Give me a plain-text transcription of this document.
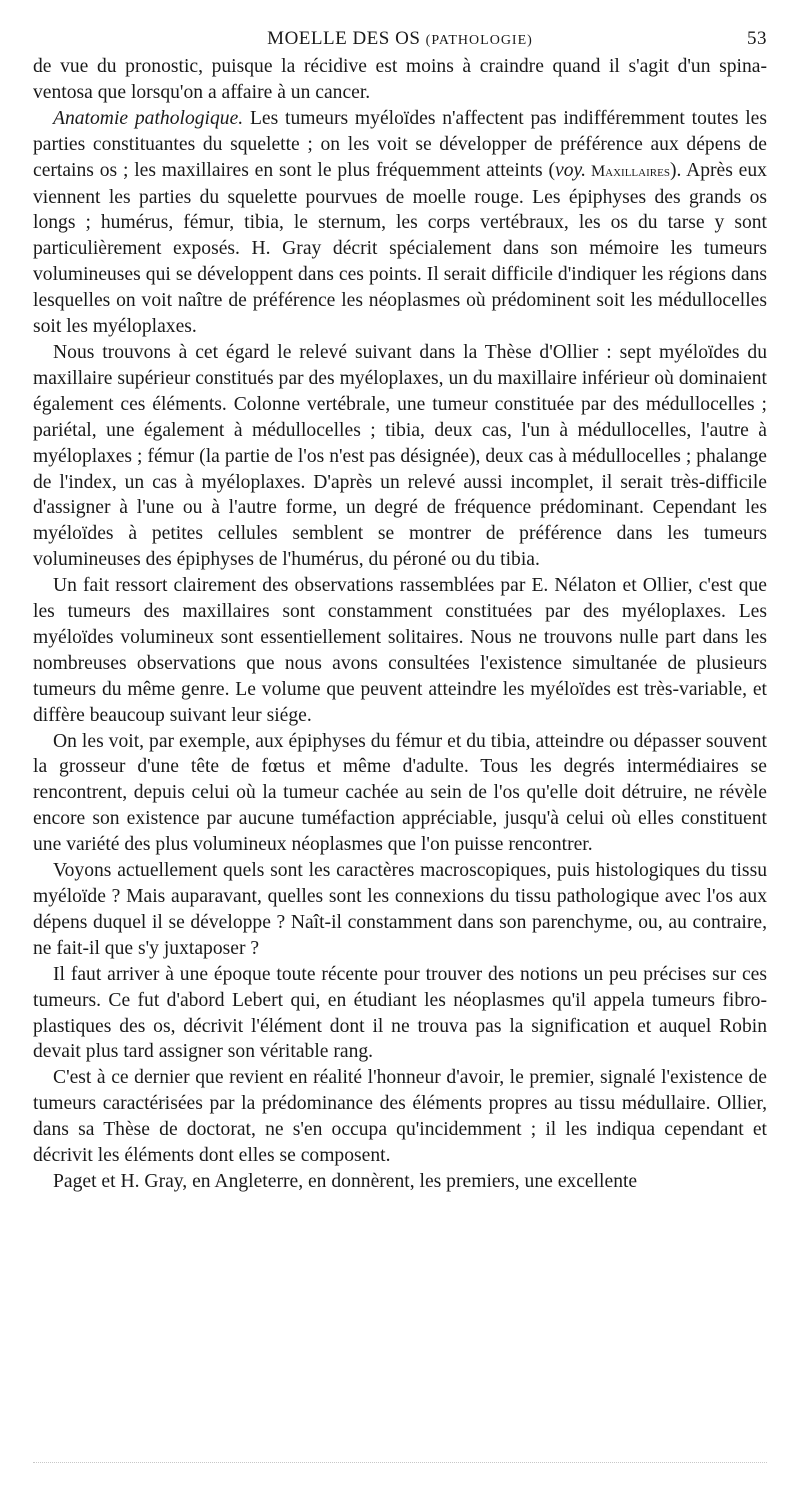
MOELLE DES OS (PATHOLOGIE)	53

de vue du pronostic, puisque la récidive est moins à craindre quand il s'agit d'un spina-ventosa que lorsqu'on a affaire à un cancer.

Anatomie pathologique. Les tumeurs myéloïdes n'affectent pas indifféremment toutes les parties constituantes du squelette ; on les voit se développer de préférence aux dépens de certains os ; les maxillaires en sont le plus fréquemment atteints (voy. Maxillaires). Après eux viennent les parties du squelette pourvues de moelle rouge. Les épiphyses des grands os longs ; humérus, fémur, tibia, le sternum, les corps vertébraux, les os du tarse y sont particulièrement exposés. H. Gray décrit spécialement dans son mémoire les tumeurs volumineuses qui se développent dans ces points. Il serait difficile d'indiquer les régions dans lesquelles on voit naître de préférence les néoplasmes où prédominent soit les médullocelles soit les myéloplaxes.

Nous trouvons à cet égard le relevé suivant dans la Thèse d'Ollier : sept myéloïdes du maxillaire supérieur constitués par des myéloplaxes, un du maxillaire inférieur où dominaient également ces éléments. Colonne vertébrale, une tumeur constituée par des médullocelles ; pariétal, une également à médullocelles ; tibia, deux cas, l'un à médullocelles, l'autre à myéloplaxes ; fémur (la partie de l'os n'est pas désignée), deux cas à médullocelles ; phalange de l'index, un cas à myéloplaxes. D'après un relevé aussi incomplet, il serait très-difficile d'assigner à l'une ou à l'autre forme, un degré de fréquence prédominant. Cependant les myéloïdes à petites cellules semblent se montrer de préférence dans les tumeurs volumineuses des épiphyses de l'humérus, du péroné ou du tibia.

Un fait ressort clairement des observations rassemblées par E. Nélaton et Ollier, c'est que les tumeurs des maxillaires sont constamment constituées par des myéloplaxes. Les myéloïdes volumineux sont essentiellement solitaires. Nous ne trouvons nulle part dans les nombreuses observations que nous avons consultées l'existence simultanée de plusieurs tumeurs du même genre. Le volume que peuvent atteindre les myéloïdes est très-variable, et diffère beaucoup suivant leur siége.

On les voit, par exemple, aux épiphyses du fémur et du tibia, atteindre ou dépasser souvent la grosseur d'une tête de fœtus et même d'adulte. Tous les degrés intermédiaires se rencontrent, depuis celui où la tumeur cachée au sein de l'os qu'elle doit détruire, ne révèle encore son existence par aucune tuméfaction appréciable, jusqu'à celui où elles constituent une variété des plus volumineux néoplasmes que l'on puisse rencontrer.

Voyons actuellement quels sont les caractères macroscopiques, puis histologiques du tissu myéloïde ? Mais auparavant, quelles sont les connexions du tissu pathologique avec l'os aux dépens duquel il se développe ? Naît-il constamment dans son parenchyme, ou, au contraire, ne fait-il que s'y juxtaposer ?

Il faut arriver à une époque toute récente pour trouver des notions un peu précises sur ces tumeurs. Ce fut d'abord Lebert qui, en étudiant les néoplasmes qu'il appela tumeurs fibro-plastiques des os, décrivit l'élément dont il ne trouva pas la signification et auquel Robin devait plus tard assigner son véritable rang.

C'est à ce dernier que revient en réalité l'honneur d'avoir, le premier, signalé l'existence de tumeurs caractérisées par la prédominance des éléments propres au tissu médullaire. Ollier, dans sa Thèse de doctorat, ne s'en occupa qu'incidemment ; il les indiqua cependant et décrivit les éléments dont elles se composent.

Paget et H. Gray, en Angleterre, en donnèrent, les premiers, une excellente
